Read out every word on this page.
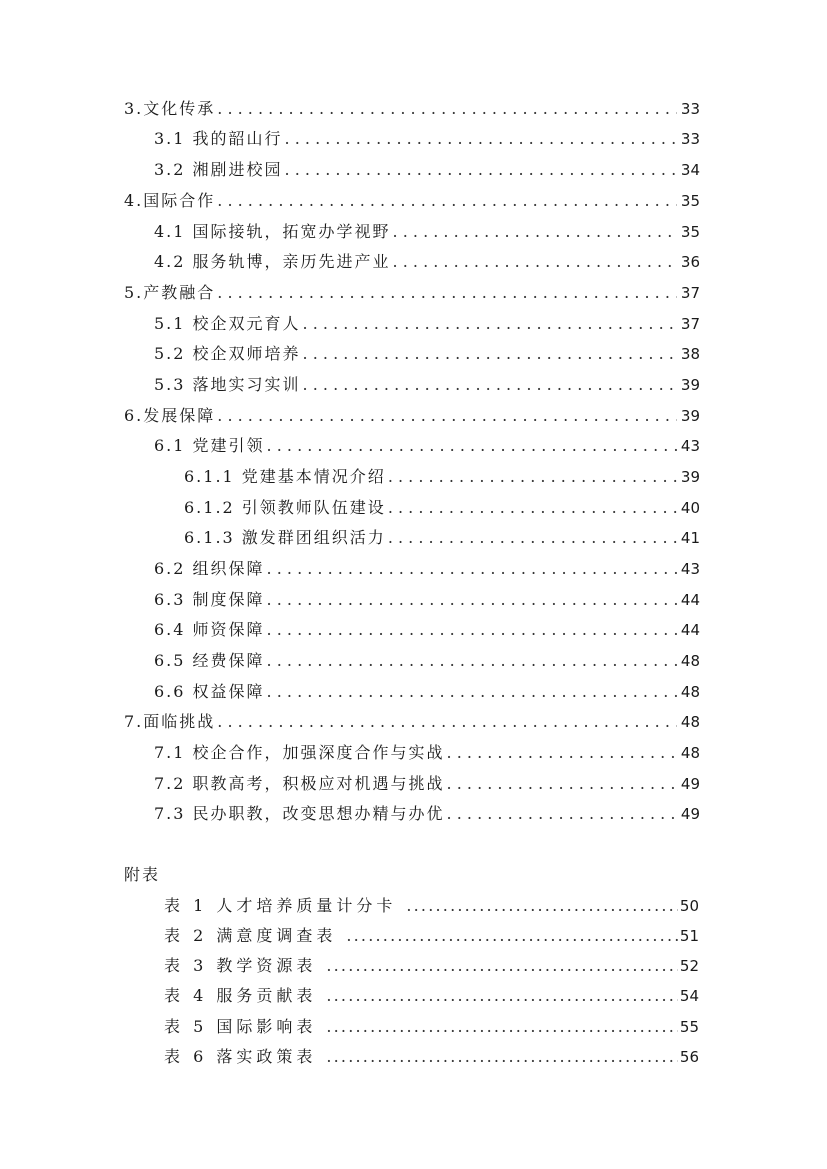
3.文化传承 . . .	33
3.1 我的韶山行 . . .	33
3.2 湘剧进校园 . . .	34
4.国际合作 . . .	35
4.1 国际接轨，拓宽办学视野 . . .	35
4.2 服务轨博，亲历先进产业 . . .	36
5.产教融合 . . .	37
5.1 校企双元育人 . . .	37
5.2 校企双师培养 . . .	38
5.3 落地实习实训 . . .	39
6.发展保障 . . .	39
6.1 党建引领 . . .	43
6.1.1 党建基本情况介绍 . . .	39
6.1.2 引领教师队伍建设 . . .	40
6.1.3 激发群团组织活力 . . .	41
6.2 组织保障 . . .	43
6.3 制度保障 . . .	44
6.4 师资保障 . . .	44
6.5 经费保障 . . .	48
6.6 权益保障 . . .	48
7.面临挑战 . . .	48
7.1 校企合作，加强深度合作与实战 . . .	48
7.2 职教高考，积极应对机遇与挑战 . . .	49
7.3 民办职教，改变思想办精与办优 . . .	49
附表
表 1 人才培养质量计分卡 .....	50
表 2 满意度调查表 .....	51
表 3 教学资源表 .....	52
表 4 服务贡献表 .....	54
表 5 国际影响表 .....	55
表 6 落实政策表 .....	56
